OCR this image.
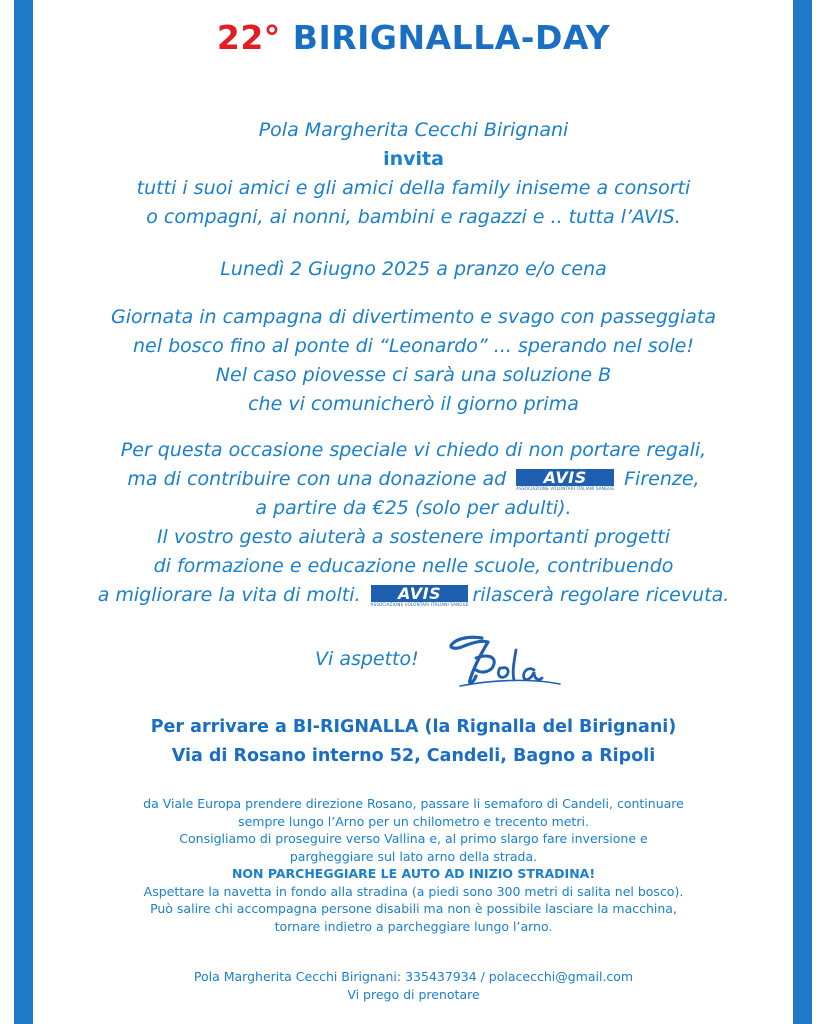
22° BIRIGNALLA-DAY
Pola Margherita Cecchi Birignani
invita
tutti i suoi amici e gli amici della family iniseme a consorti
o compagni, ai nonni, bambini e ragazzi e .. tutta l’AVIS.
Lunedì 2 Giugno 2025 a pranzo e/o cena
Giornata in campagna di divertimento e svago con passeggiata
nel bosco fino al ponte di “Leonardo” ... sperando nel sole!
Nel caso piovesse ci sarà una soluzione B
che vi comunicherò il giorno prima
Per questa occasione speciale vi chiedo di non portare regali,
ma di contribuire con una donazione ad	AVIS
ASSOCIAZIONE VOLONTARI ITALIANI SANGUE Firenze,
a partire da €25 (solo per adulti).
Il vostro gesto aiuterà a sostenere importanti progetti
di formazione e educazione nelle scuole, contribuendo
a migliorare la vita di molti.	AVIS
ASSOCIAZIONE VOLONTARI ITALIANI SANGUE rilascerà regolare ricevuta.
Vi aspetto!
Per arrivare a BI-RIGNALLA (la Rignalla del Birignani)
Via di Rosano interno 52, Candeli, Bagno a Ripoli
da Viale Europa prendere direzione Rosano, passare li semaforo di Candeli, continuare
sempre lungo l’Arno per un chilometro e trecento metri.
Consigliamo di proseguire verso Vallina e, al primo slargo fare inversione e
pargheggiare sul lato arno della strada.
NON PARCHEGGIARE LE AUTO AD INIZIO STRADINA!
Aspettare la navetta in fondo alla stradina (a piedi sono 300 metri di salita nel bosco).
Può salire chi accompagna persone disabili ma non è possibile lasciare la macchina,
tornare indietro a parcheggiare lungo l’arno.
Pola Margherita Cecchi Birignani: 335437934 / polacecchi@gmail.com
Vi prego di prenotare
